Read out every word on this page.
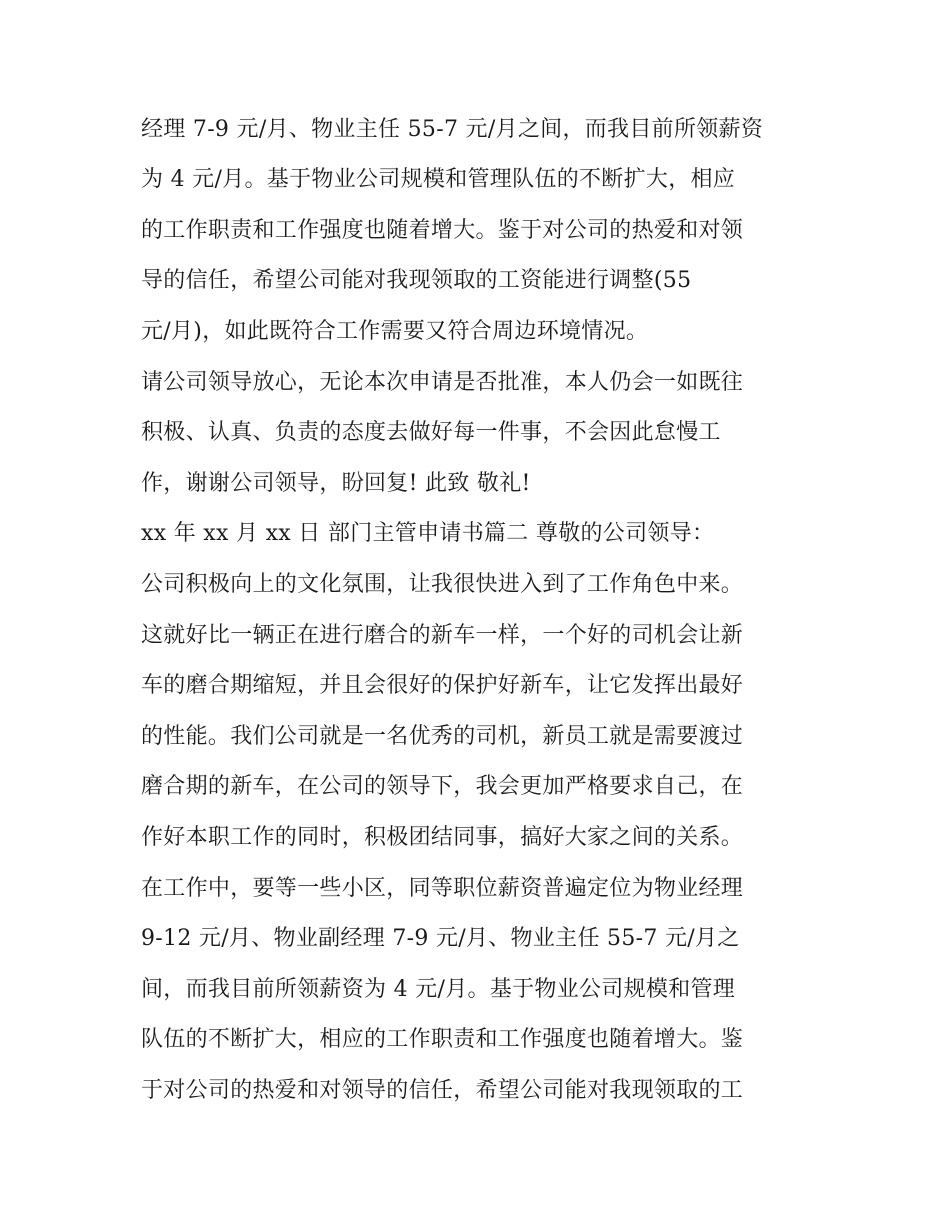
经理 7-9 元/月、物业主任 55-7 元/月之间，而我目前所领薪资
为 4 元/月。基于物业公司规模和管理队伍的不断扩大，相应
的工作职责和工作强度也随着增大。鉴于对公司的热爱和对领
导的信任，希望公司能对我现领取的工资能进行调整(55
元/月)，如此既符合工作需要又符合周边环境情况。
请公司领导放心，无论本次申请是否批准，本人仍会一如既往
积极、认真、负责的态度去做好每一件事，不会因此怠慢工
作，谢谢公司领导，盼回复! 此致 敬礼!
xx 年 xx 月 xx 日 部门主管申请书篇二 尊敬的公司领导：
公司积极向上的文化氛围，让我很快进入到了工作角色中来。
这就好比一辆正在进行磨合的新车一样，一个好的司机会让新
车的磨合期缩短，并且会很好的保护好新车，让它发挥出最好
的性能。我们公司就是一名优秀的司机，新员工就是需要渡过
磨合期的新车，在公司的领导下，我会更加严格要求自己，在
作好本职工作的同时，积极团结同事，搞好大家之间的关系。
在工作中，要等一些小区，同等职位薪资普遍定位为物业经理
9-12 元/月、物业副经理 7-9 元/月、物业主任 55-7 元/月之
间，而我目前所领薪资为 4 元/月。基于物业公司规模和管理
队伍的不断扩大，相应的工作职责和工作强度也随着增大。鉴
于对公司的热爱和对领导的信任，希望公司能对我现领取的工
